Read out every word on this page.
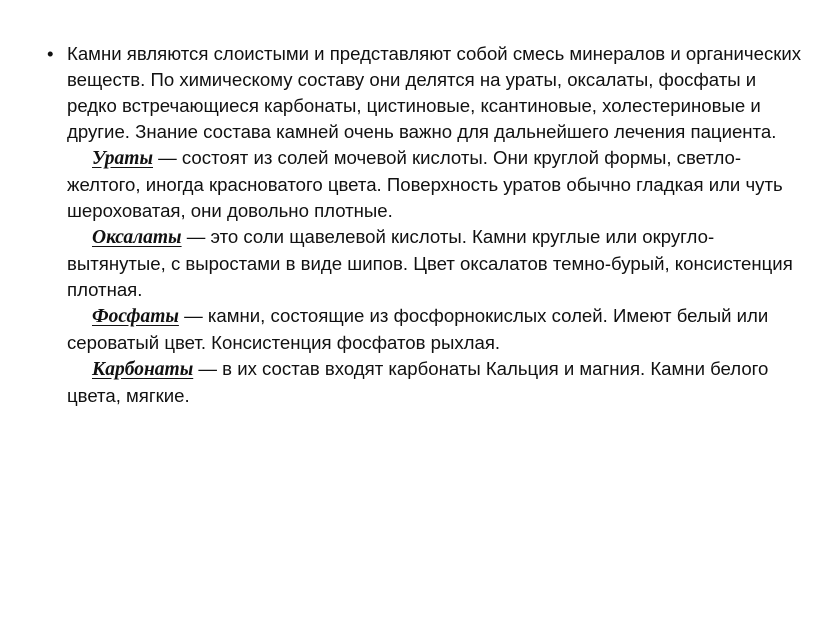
• Камни являются слоистыми и представляют собой смесь минералов и органических веществ. По химическому составу они делятся на ураты, оксалаты, фосфаты и редко встречающиеся карбонаты, цистиновые, ксантиновые, холестериновые и другие. Знание состава камней очень важно для дальнейшего лечения пациента.
Ураты — состоят из солей мочевой кислоты. Они круглой формы, светло-желтого, иногда красноватого цвета. Поверхность уратов обычно гладкая или чуть шероховатая, они довольно плотные.
Оксалаты — это соли щавелевой кислоты. Камни круглые или округло-вытянутые, с выростами в виде шипов. Цвет оксалатов темно-бурый, консистенция плотная.
Фосфаты — камни, состоящие из фосфорнокислых солей. Имеют белый или сероватый цвет. Консистенция фосфатов рыхлая.
Карбонаты — в их состав входят карбонаты Кальция и магния. Камни белого цвета, мягкие.
